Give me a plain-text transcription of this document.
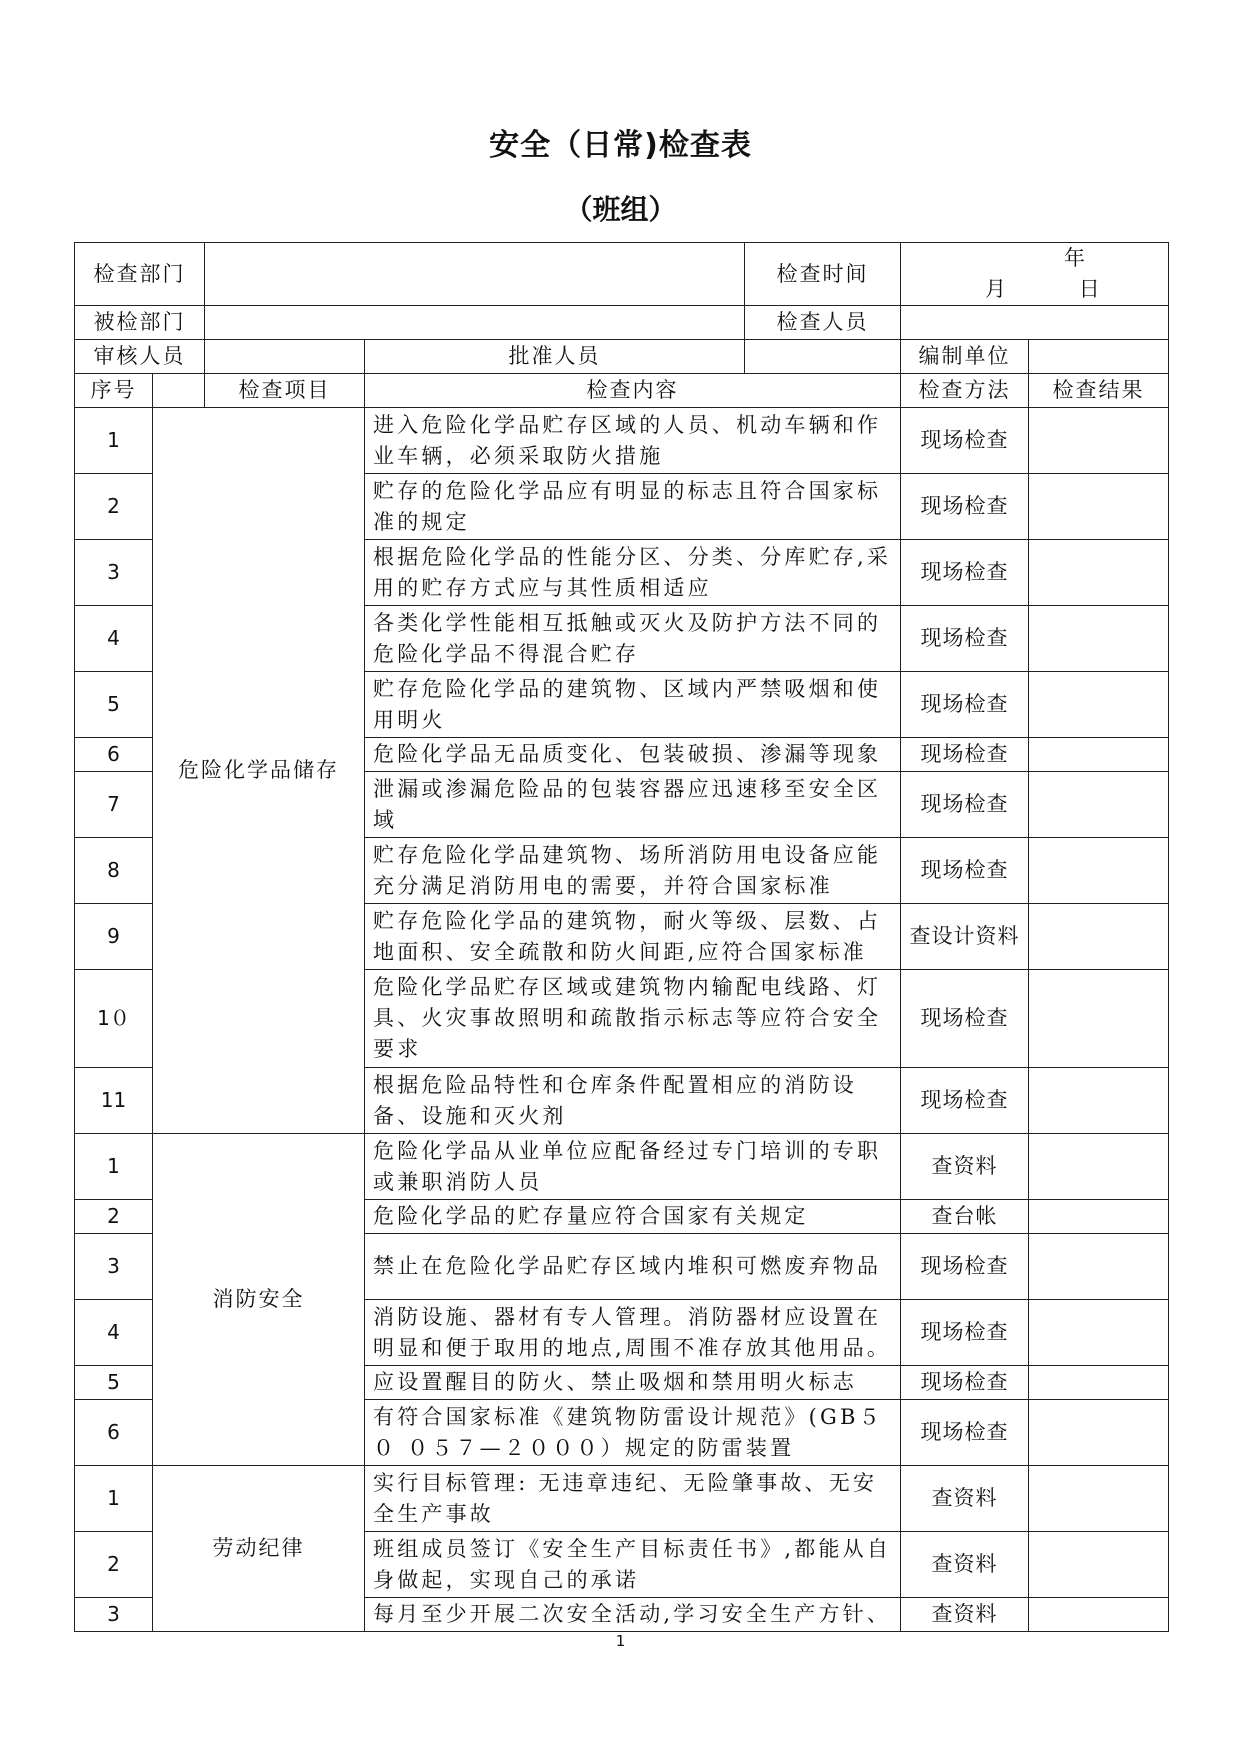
安全（日常)检查表
（班组）
检查部门				检查时间	年 月 日	
被检部门				检查人员		
审核人员			批准人员		编制单位	
序号		检查项目	检查内容		检查方法	检查结果
1	危险化学品储存		进入危险化学品贮存区域的人员、机动车辆和作业车辆，必须采取防火措施		现场检查	
2			贮存的危险化学品应有明显的标志且符合国家标准的规定		现场检查	
3			根据危险化学品的性能分区、分类、分库贮存,采用的贮存方式应与其性质相适应		现场检查	
4			各类化学性能相互抵触或灭火及防护方法不同的危险化学品不得混合贮存		现场检查	
5			贮存危险化学品的建筑物、区域内严禁吸烟和使用明火		现场检查	
6			危险化学品无品质变化、包装破损、渗漏等现象		现场检查	
7			泄漏或渗漏危险品的包装容器应迅速移至安全区域		现场检查	
8			贮存危险化学品建筑物、场所消防用电设备应能充分满足消防用电的需要，并符合国家标准		现场检查	
9			贮存危险化学品的建筑物，耐火等级、层数、占地面积、安全疏散和防火间距,应符合国家标准		查设计资料	
1０			危险化学品贮存区域或建筑物内输配电线路、灯具、火灾事故照明和疏散指示标志等应符合安全要求		现场检查	
11			根据危险品特性和仓库条件配置相应的消防设备、设施和灭火剂		现场检查	
1	消防安全		危险化学品从业单位应配备经过专门培训的专职或兼职消防人员		查资料	
2			危险化学品的贮存量应符合国家有关规定		查台帐	
3			禁止在危险化学品贮存区域内堆积可燃废弃物品		现场检查	
4			消防设施、器材有专人管理。消防器材应设置在明显和便于取用的地点,周围不准存放其他用品。		现场检查	
5			应设置醒目的防火、禁止吸烟和禁用明火标志		现场检查	
6			有符合国家标准《建筑物防雷设计规范》(GB５０ ０５７—２０００）规定的防雷装置		现场检查	
1	劳动纪律		实行目标管理: 无违章违纪、无险肇事故、无安全生产事故		查资料	
2			班组成员签订《安全生产目标责任书》,都能从自身做起，实现自己的承诺		查资料	
3			每月至少开展二次安全活动,学习安全生产方针、		查资料	
1
